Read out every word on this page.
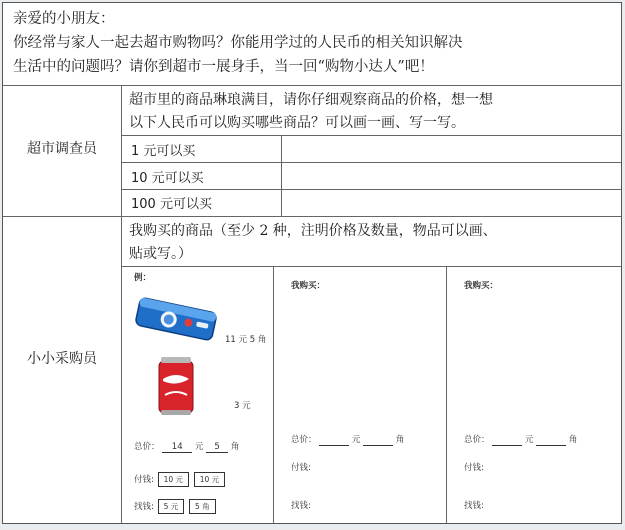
亲爱的小朋友：
你经常与家人一起去超市购物吗？你能用学过的人民币的相关知识解决
生活中的问题吗？请你到超市一展身手，当一回“购物小达人”吧！
超市调查员
超市里的商品琳琅满目，请你仔细观察商品的价格，想一想
以下人民币可以购买哪些商品？可以画一画、写一写。
1 元可以买
10 元可以买
100 元可以买
小小采购员
我购买的商品（至少 2 种，注明价格及数量，物品可以画、
贴或写。）
例：
11 元 5 角
3 元
总价： 14 元 5 角
付钱: 10 元 10 元
找钱: 5 元 5 角
我购买：
总价：	元	角
付钱:
找钱:
我购买：
总价：	元	角
付钱:
找钱:
